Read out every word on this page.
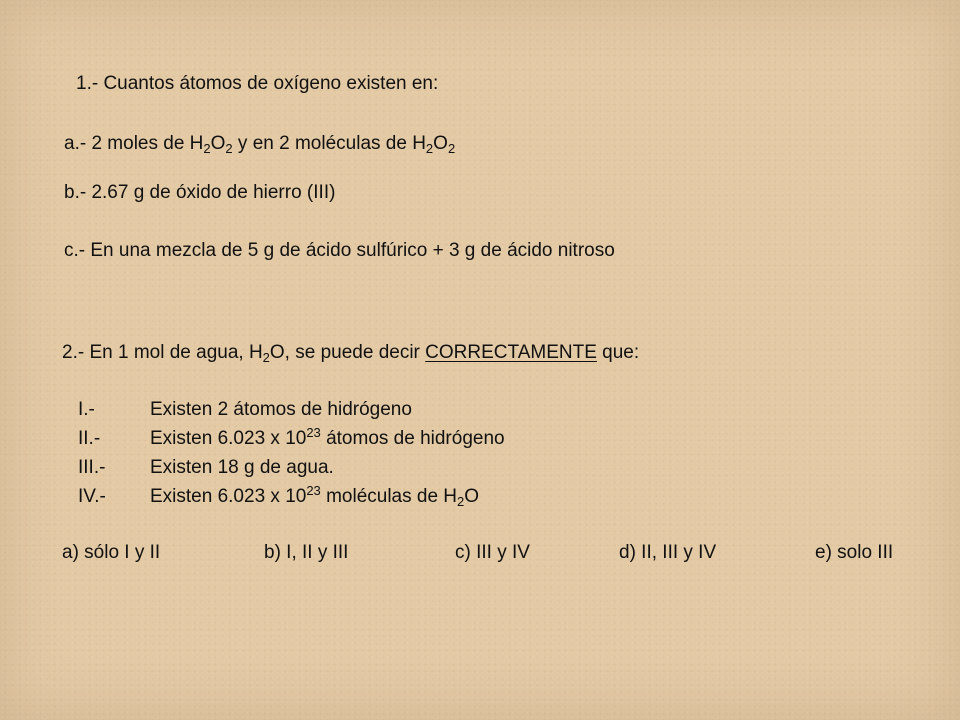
1.- Cuantos átomos de oxígeno existen en:
a.- 2 moles de $H_2O_2$ y en 2 moléculas de $H_2O_2$
b.- 2.67 g de óxido de hierro (III)
c.- En una mezcla de 5 g de ácido sulfúrico + 3 g de ácido nitroso
2.- En 1 mol de agua, $H_2O$, se puede decir CORRECTAMENTE que:
I.-	Existen 2 átomos de hidrógeno
II.-	Existen 6.023 x $10^{23}$ átomos de hidrógeno
III.-	Existen 18 g de agua.
IV.-	Existen 6.023 x $10^{23}$ moléculas de $H_2O$
a) sólo I y II	b) I, II y III	c) III y IV	d) II, III y IV	e) solo III
